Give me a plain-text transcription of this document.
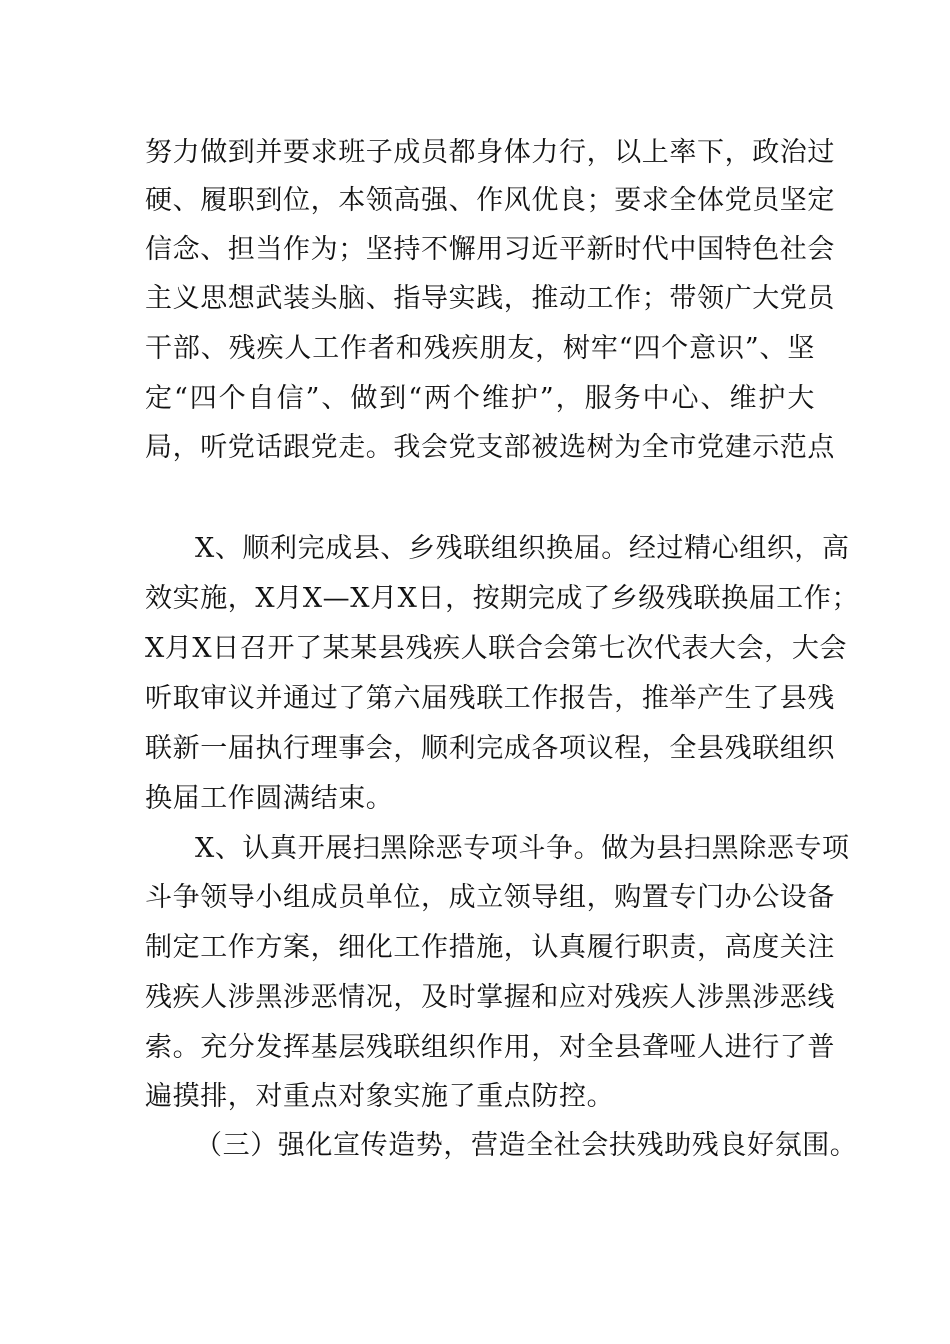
努力做到并要求班子成员都身体力行，以上率下，政治过
硬、履职到位，本领高强、作风优良；要求全体党员坚定
信念、担当作为；坚持不懈用习近平新时代中国特色社会
主义思想武装头脑、指导实践，推动工作；带领广大党员
干部、残疾人工作者和残疾朋友，树牢“四个意识”、坚
定“四个自信”、做到“两个维护”，服务中心、维护大
局，听党话跟党走。我会党支部被选树为全市党建示范点
X、顺利完成县、乡残联组织换届。经过精心组织，高
效实施，X月X—X月X日，按期完成了乡级残联换届工作；
X月X日召开了某某县残疾人联合会第七次代表大会，大会
听取审议并通过了第六届残联工作报告，推举产生了县残
联新一届执行理事会，顺利完成各项议程，全县残联组织
换届工作圆满结束。
X、认真开展扫黑除恶专项斗争。做为县扫黑除恶专项
斗争领导小组成员单位，成立领导组，购置专门办公设备
制定工作方案，细化工作措施，认真履行职责，高度关注
残疾人涉黑涉恶情况，及时掌握和应对残疾人涉黑涉恶线
索。充分发挥基层残联组织作用，对全县聋哑人进行了普
遍摸排，对重点对象实施了重点防控。
（三）强化宣传造势，营造全社会扶残助残良好氛围。
